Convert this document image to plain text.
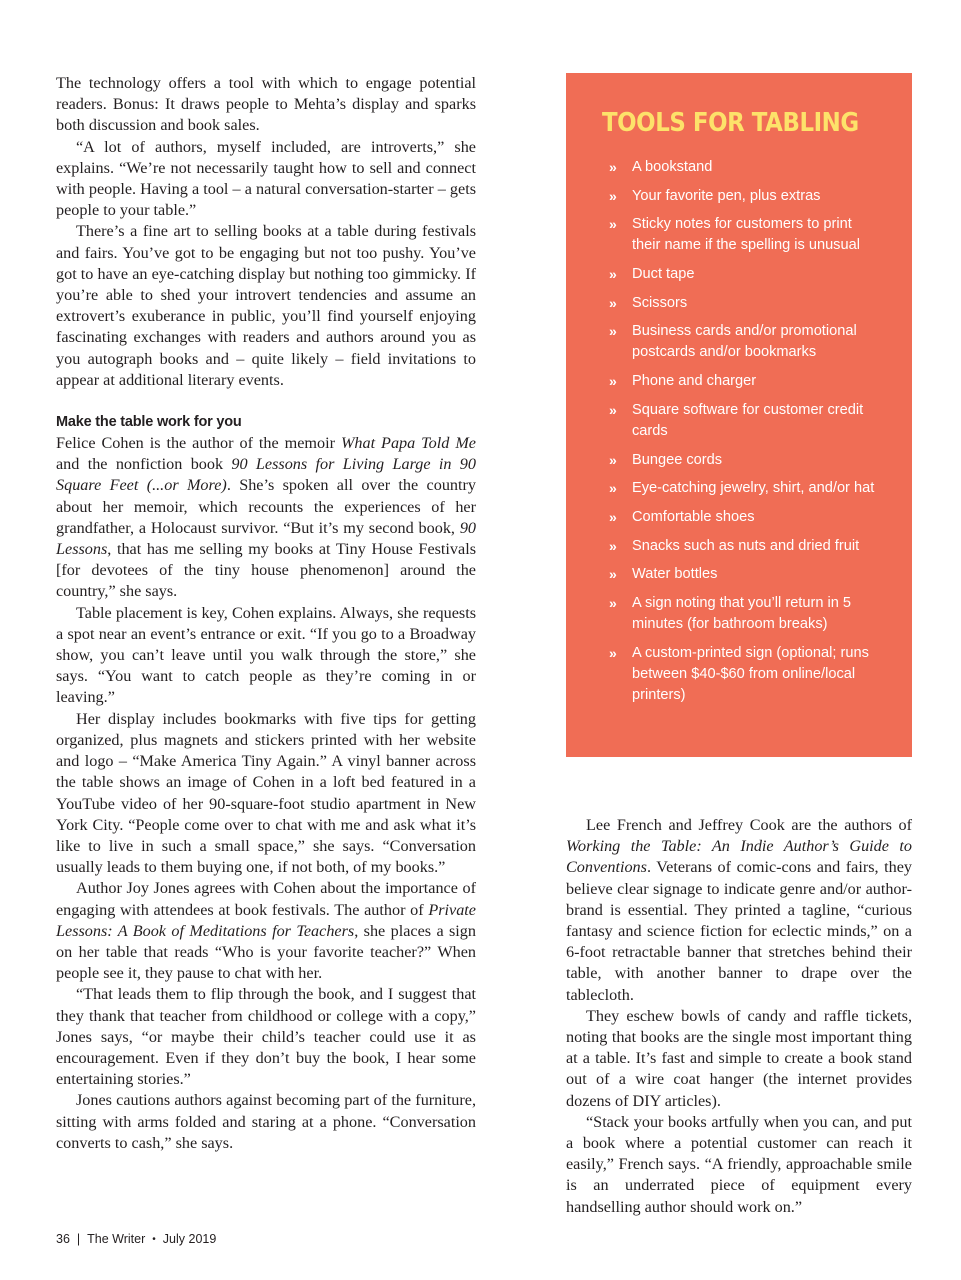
The technology offers a tool with which to engage potential readers. Bonus: It draws people to Mehta’s display and sparks both discussion and book sales.

“A lot of authors, myself included, are introverts,” she explains. “We’re not necessarily taught how to sell and connect with people. Having a tool – a natural conversation-starter – gets people to your table.”

There’s a fine art to selling books at a table during festivals and fairs. You’ve got to be engaging but not too pushy. You’ve got to have an eye-catching display but nothing too gimmicky. If you’re able to shed your introvert tendencies and assume an extrovert’s exuberance in public, you’ll find yourself enjoying fascinating exchanges with readers and authors around you as you autograph books and – quite likely – field invitations to appear at additional literary events.

Make the table work for you

Felice Cohen is the author of the memoir What Papa Told Me and the nonfiction book 90 Lessons for Living Large in 90 Square Feet (...or More). She’s spoken all over the country about her memoir, which recounts the experiences of her grandfather, a Holocaust survivor. “But it’s my second book, 90 Lessons, that has me selling my books at Tiny House Festivals [for devotees of the tiny house phenomenon] around the country,” she says.

Table placement is key, Cohen explains. Always, she requests a spot near an event’s entrance or exit. “If you go to a Broadway show, you can’t leave until you walk through the store,” she says. “You want to catch people as they’re coming in or leaving.”

Her display includes bookmarks with five tips for getting organized, plus magnets and stickers printed with her website and logo – “Make America Tiny Again.” A vinyl banner across the table shows an image of Cohen in a loft bed featured in a YouTube video of her 90-square-foot studio apartment in New York City. “People come over to chat with me and ask what it’s like to live in such a small space,” she says. “Conversation usually leads to them buying one, if not both, of my books.”

Author Joy Jones agrees with Cohen about the importance of engaging with attendees at book festivals. The author of Private Lessons: A Book of Meditations for Teachers, she places a sign on her table that reads “Who is your favorite teacher?” When people see it, they pause to chat with her.

“That leads them to flip through the book, and I suggest that they thank that teacher from childhood or college with a copy,” Jones says, “or maybe their child’s teacher could use it as encouragement. Even if they don’t buy the book, I hear some entertaining stories.”

Jones cautions authors against becoming part of the furniture, sitting with arms folded and staring at a phone. “Conversation converts to cash,” she says.

TOOLS FOR TABLING
» A bookstand
» Your favorite pen, plus extras
» Sticky notes for customers to print their name if the spelling is unusual
» Duct tape
» Scissors
» Business cards and/or promotional postcards and/or bookmarks
» Phone and charger
» Square software for customer credit cards
» Bungee cords
» Eye-catching jewelry, shirt, and/or hat
» Comfortable shoes
» Snacks such as nuts and dried fruit
» Water bottles
» A sign noting that you’ll return in 5 minutes (for bathroom breaks)
» A custom-printed sign (optional; runs between $40-$60 from online/local printers)

Lee French and Jeffrey Cook are the authors of Working the Table: An Indie Author’s Guide to Conventions. Veterans of comic-cons and fairs, they believe clear signage to indicate genre and/or author-brand is essential. They printed a tagline, “curious fantasy and science fiction for eclectic minds,” on a 6-foot retractable banner that stretches behind their table, with another banner to drape over the tablecloth.

They eschew bowls of candy and raffle tickets, noting that books are the single most important thing at a table. It’s fast and simple to create a book stand out of a wire coat hanger (the internet provides dozens of DIY articles).

“Stack your books artfully when you can, and put a book where a potential customer can reach it easily,” French says. “A friendly, approachable smile is an underrated piece of equipment every handselling author should work on.”

36 | The Writer • July 2019
